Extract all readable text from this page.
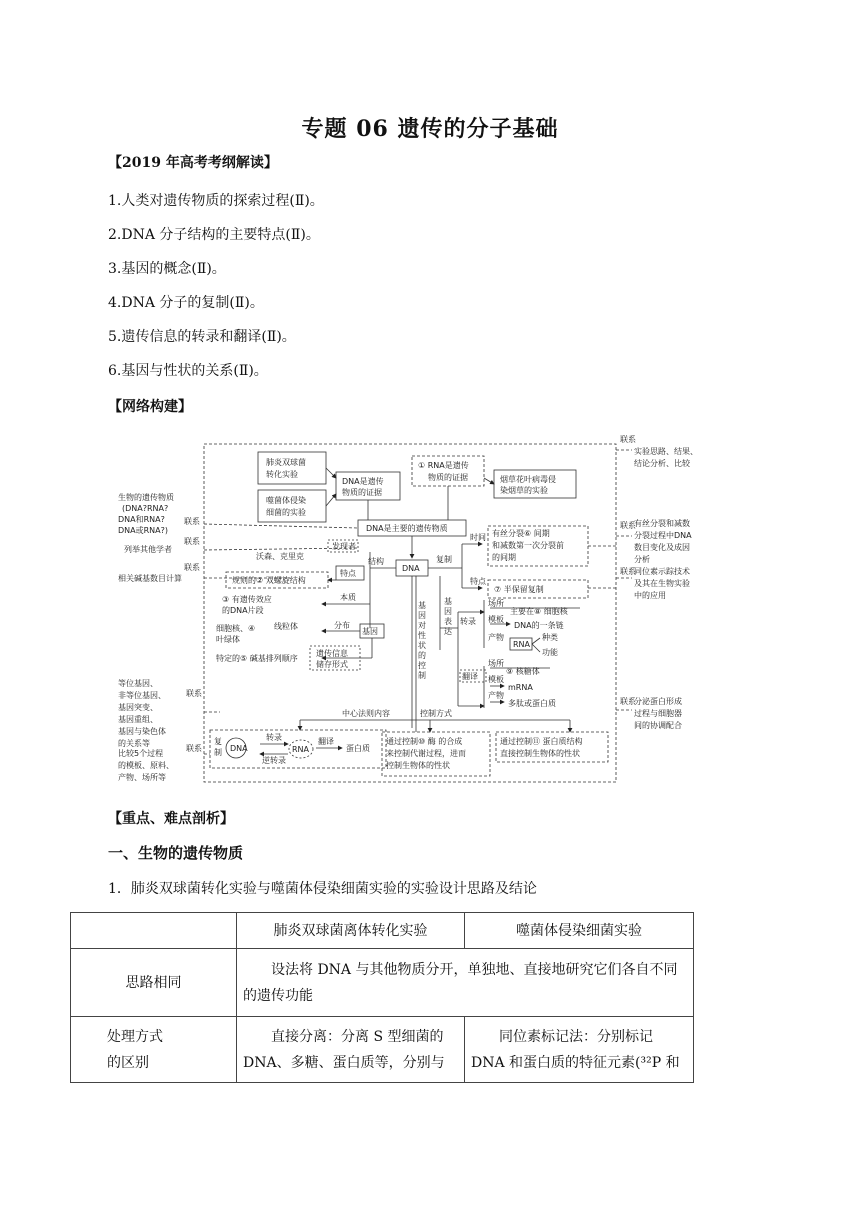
专题 06 遗传的分子基础
【2019 年高考考纲解读】
1.人类对遗传物质的探索过程(Ⅱ)。
2.DNA 分子结构的主要特点(Ⅱ)。
3.基因的概念(Ⅱ)。
4.DNA 分子的复制(Ⅱ)。
5.遗传信息的转录和翻译(Ⅱ)。
6.基因与性状的关系(Ⅱ)。
【网络构建】
肺炎双球菌
转化实验
噬菌体侵染
细菌的实验
DNA是遗传
物质的证据
① RNA是遗传
物质的证据	烟草花叶病毒侵
染烟草的实验
DNA是主要的遗传物质
DNA
生物的遗传物质
(DNA?RNA?
DNA和RNA?
DNA或RNA?)
列举其他学者
相关碱基数目计算
联系
联系
联系
发现者
沃森、克里克
结构
特点
规则的② 双螺旋结构
本质
③ 有遗传效应
的DNA片段
基因
分布
细胞核、④
叶绿体
线粒体
特定的⑤ 碱基排列顺序
遗传信息
储存形式
复制
时间 有丝分裂⑥ 间期
和减数第一次分裂前
的间期
特点
⑦ 半保留复制
基
因
表
达
基
因
对
性
状
的
控
制
转录
场所
主要在⑧ 细胞核
模板
DNA的一条链
产物
RNA
种类
功能
翻译
场所
⑨ 核糖体
模板
mRNA
产物
多肽或蛋白质
等位基因、
非等位基因、
基因突变、
基因重组、
基因与染色体
的关系等
联系
比较5个过程
的模板、原料、
产物、场所等
联系
中心法则内容	控制方式
复
制 DNA
转录
逆转录
RNA
翻译
蛋白质
通过控制⑩ 酶 的合成
来控制代谢过程，进而
控制生物体的性状
通过控制⑪ 蛋白质结构
直接控制生物体的性状
联系
实验思路、结果、
结论分析、比较
联系
有丝分裂和减数
分裂过程中DNA
数目变化及成因
分析
联系
同位素示踪技术
及其在生物实验
中的应用
联系
分泌蛋白形成
过程与细胞器
间的协调配合
【重点、难点剖析】
一、生物的遗传物质
1．肺炎双球菌转化实验与噬菌体侵染细菌实验的实验设计思路及结论
	肺炎双球菌离体转化实验	噬菌体侵染细菌实验
思路相同	设法将 DNA 与其他物质分开，单独地、直接地研究它们各自不同的遗传功能	

处理方式
的区别	直接分离：分离 S 型细菌的 DNA、多糖、蛋白质等，分别与	同位素标记法：分别标记 DNA 和蛋白质的特征元素(³²P 和
